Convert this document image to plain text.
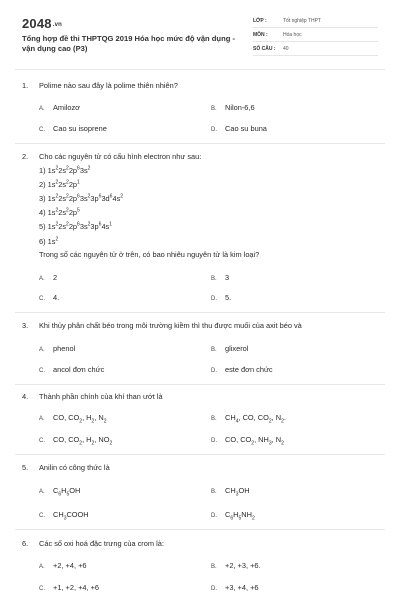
2048.vn
Tổng hợp đề thi THPTQG 2019 Hóa học mức độ vận dụng - vận dụng cao (P3)
LỚP :	Tốt nghiệp THPT
MÔN :	Hóa học
SỐ CÂU : 40
1. Polime nào sau đây là polime thiên nhiên?
A. Amilozơ	B. Nilon-6,6
C. Cao su isoprene	D. Cao su buna
2. Cho các nguyên tử có cấu hình electron như sau:
1) $1s^22s^22p^63s^2$
2) $1s^22s^22p^1$
3) $1s^22s^22p^63s^23p^63d^64s^2$
4) $1s^22s^22p^5$
5) $1s^22s^22p^63s^23p^64s^1$
6) $1s^2$
Trong số các nguyên tử ở trên, có bao nhiêu nguyên tử là kim loại?
A. 2	B. 3
C. 4.	D. 5.
3. Khi thủy phân chất béo trong môi trường kiềm thì thu được muối của axit béo và
A. phenol	B. glixerol
C. ancol đơn chức	D. este đơn chức
4. Thành phần chính của khí than ướt là
A. CO, $CO_2$, $H_2$, $N_2$	B. $CH_4$, CO, $CO_2$, $N_2$.
C. CO, $CO_2$, $H_2$, $NO_2$	D. CO, $CO_2$, $NH_3$, $N_2$
5. Anilin có công thức là
A. $C_6H_5OH$	B. $CH_3OH$
C. $CH_3COOH$	D. $C_6H_5NH_2$
6. Các số oxi hoá đặc trưng của crom là:
A. +2, +4, +6	B. +2, +3, +6.
C. +1, +2, +4, +6	D. +3, +4, +6
